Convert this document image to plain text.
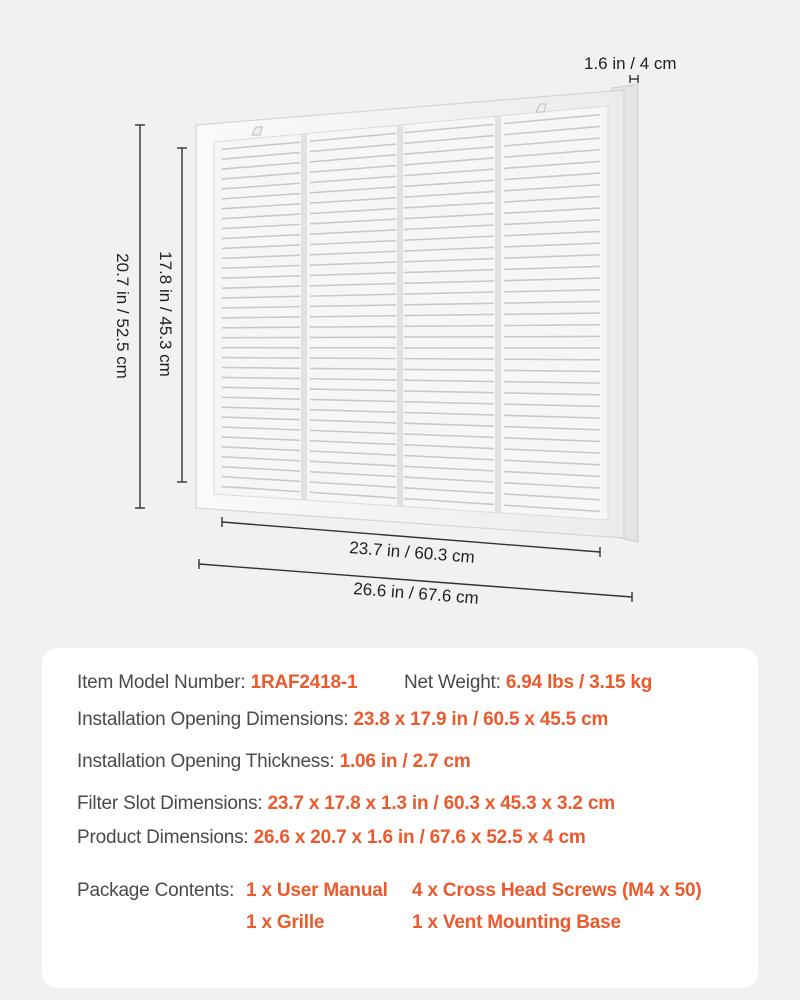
1.6 in / 4 cm
20.7 in / 52.5 cm 17.8 in / 45.3 cm
23.7 in / 60.3 cm
26.6 in / 67.6 cm
Item Model Number: 1RAF2418-1 Net Weight: 6.94 lbs / 3.15 kg
Installation Opening Dimensions: 23.8 x 17.9 in / 60.5 x 45.5 cm
Installation Opening Thickness: 1.06 in / 2.7 cm
Filter Slot Dimensions: 23.7 x 17.8 x 1.3 in / 60.3 x 45.3 x 3.2 cm
Product Dimensions: 26.6 x 20.7 x 1.6 in / 67.6 x 52.5 x 4 cm
Package Contents: 1 x User Manual 4 x Cross Head Screws (M4 x 50)
1 x Grille	1 x Vent Mounting Base
